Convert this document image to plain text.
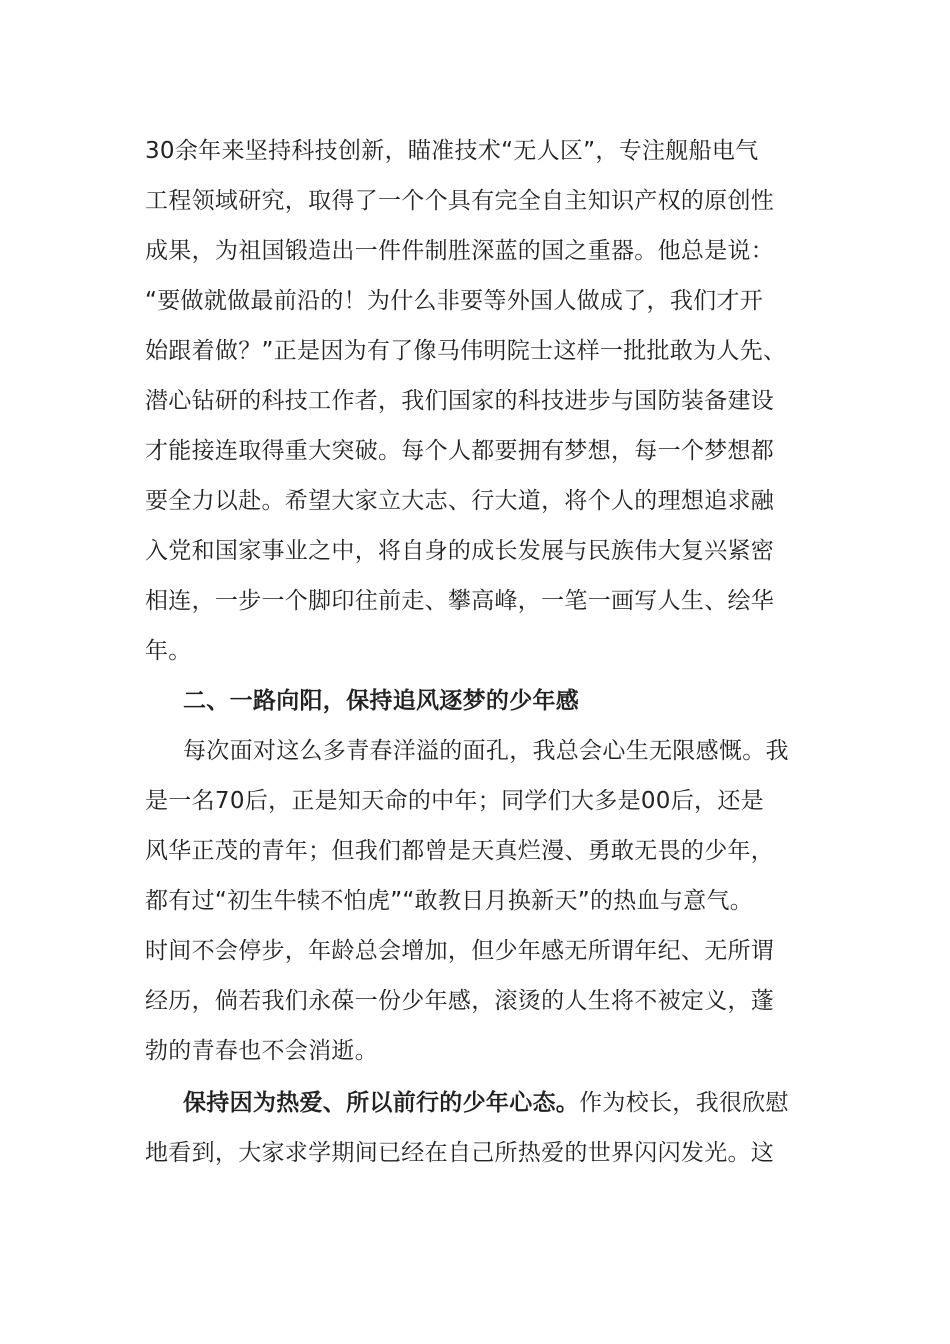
30余年来坚持科技创新，瞄准技术“无人区”，专注舰船电气
工程领域研究，取得了一个个具有完全自主知识产权的原创性
成果，为祖国锻造出一件件制胜深蓝的国之重器。他总是说：
“要做就做最前沿的！为什么非要等外国人做成了，我们才开
始跟着做？”正是因为有了像马伟明院士这样一批批敢为人先、
潜心钻研的科技工作者，我们国家的科技进步与国防装备建设
才能接连取得重大突破。每个人都要拥有梦想，每一个梦想都
要全力以赴。希望大家立大志、行大道，将个人的理想追求融
入党和国家事业之中，将自身的成长发展与民族伟大复兴紧密
相连，一步一个脚印往前走、攀高峰，一笔一画写人生、绘华
年。
二、一路向阳，保持追风逐梦的少年感
每次面对这么多青春洋溢的面孔，我总会心生无限感慨。我
是一名70后，正是知天命的中年；同学们大多是00后，还是
风华正茂的青年；但我们都曾是天真烂漫、勇敢无畏的少年，
都有过“初生牛犊不怕虎”“敢教日月换新天”的热血与意气。
时间不会停步，年龄总会增加，但少年感无所谓年纪、无所谓
经历，倘若我们永葆一份少年感，滚烫的人生将不被定义，蓬
勃的青春也不会消逝。
保持因为热爱、所以前行的少年心态。作为校长，我很欣慰
地看到，大家求学期间已经在自己所热爱的世界闪闪发光。这
